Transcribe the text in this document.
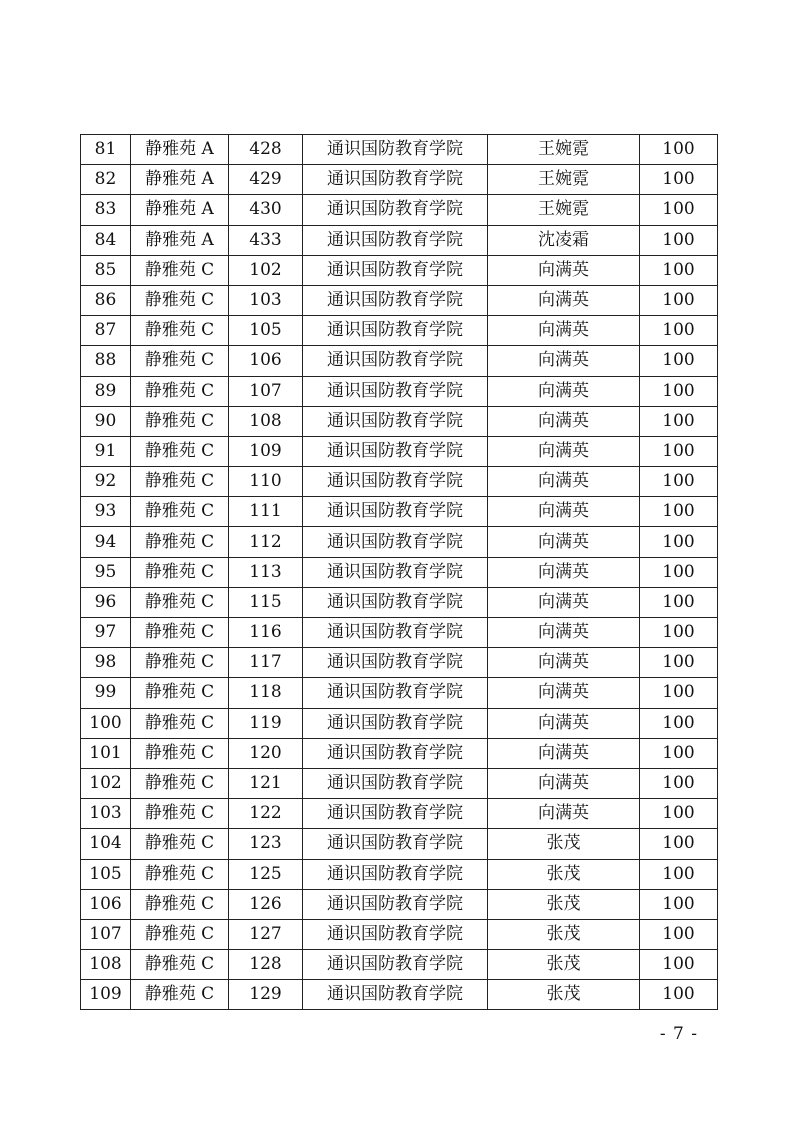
81	静雅苑 A	428	通识国防教育学院	王婉霓	100
82	静雅苑 A	429	通识国防教育学院	王婉霓	100
83	静雅苑 A	430	通识国防教育学院	王婉霓	100
84	静雅苑 A	433	通识国防教育学院	沈凌霜	100
85	静雅苑 C	102	通识国防教育学院	向满英	100
86	静雅苑 C	103	通识国防教育学院	向满英	100
87	静雅苑 C	105	通识国防教育学院	向满英	100
88	静雅苑 C	106	通识国防教育学院	向满英	100
89	静雅苑 C	107	通识国防教育学院	向满英	100
90	静雅苑 C	108	通识国防教育学院	向满英	100
91	静雅苑 C	109	通识国防教育学院	向满英	100
92	静雅苑 C	110	通识国防教育学院	向满英	100
93	静雅苑 C	111	通识国防教育学院	向满英	100
94	静雅苑 C	112	通识国防教育学院	向满英	100
95	静雅苑 C	113	通识国防教育学院	向满英	100
96	静雅苑 C	115	通识国防教育学院	向满英	100
97	静雅苑 C	116	通识国防教育学院	向满英	100
98	静雅苑 C	117	通识国防教育学院	向满英	100
99	静雅苑 C	118	通识国防教育学院	向满英	100
100	静雅苑 C	119	通识国防教育学院	向满英	100
101	静雅苑 C	120	通识国防教育学院	向满英	100
102	静雅苑 C	121	通识国防教育学院	向满英	100
103	静雅苑 C	122	通识国防教育学院	向满英	100
104	静雅苑 C	123	通识国防教育学院	张茂	100
105	静雅苑 C	125	通识国防教育学院	张茂	100
106	静雅苑 C	126	通识国防教育学院	张茂	100
107	静雅苑 C	127	通识国防教育学院	张茂	100
108	静雅苑 C	128	通识国防教育学院	张茂	100
109	静雅苑 C	129	通识国防教育学院	张茂	100
- 7 -
